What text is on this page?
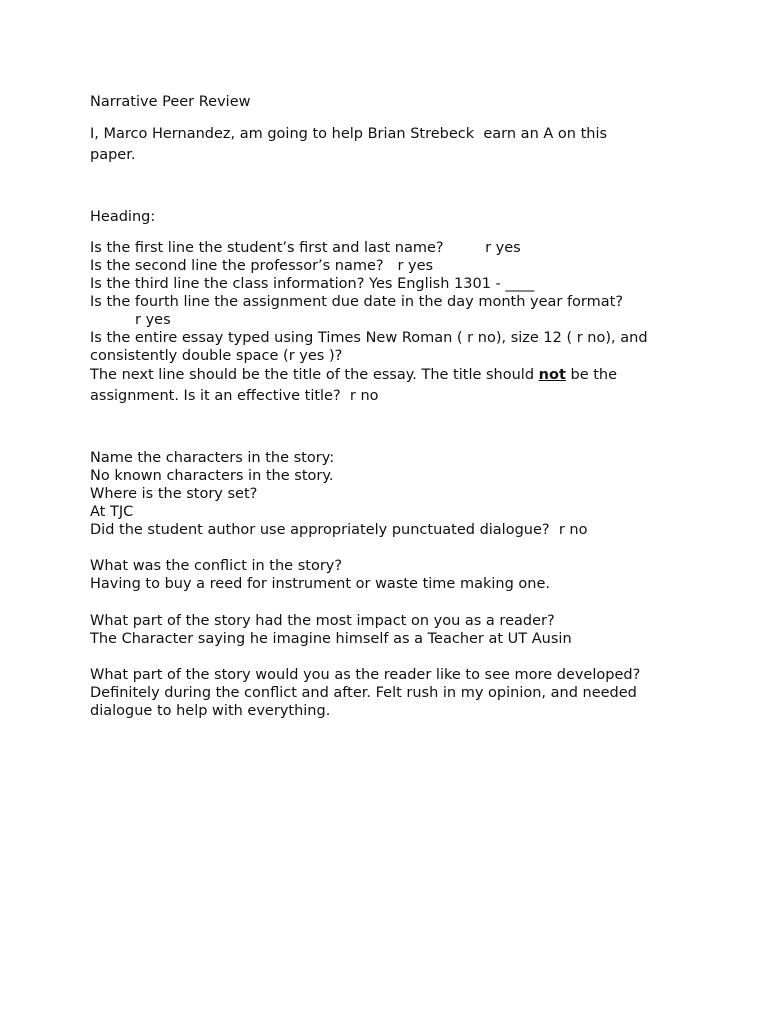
Narrative Peer Review
I, Marco Hernandez, am going to help Brian Strebeck  earn an A on this
paper.
Heading:
Is the first line the student’s first and last name?         r yes
Is the second line the professor’s name?   r yes
Is the third line the class information? Yes English 1301 - ____
Is the fourth line the assignment due date in the day month year format?
r yes
Is the entire essay typed using Times New Roman ( r no), size 12 ( r no), and
consistently double space (r yes )?
The next line should be the title of the essay. The title should not be the
assignment. Is it an effective title?  r no
Name the characters in the story:
No known characters in the story.
Where is the story set?
At TJC
Did the student author use appropriately punctuated dialogue?  r no
What was the conflict in the story?
Having to buy a reed for instrument or waste time making one.
What part of the story had the most impact on you as a reader?
The Character saying he imagine himself as a Teacher at UT Ausin
What part of the story would you as the reader like to see more developed?
Definitely during the conflict and after. Felt rush in my opinion, and needed
dialogue to help with everything.
